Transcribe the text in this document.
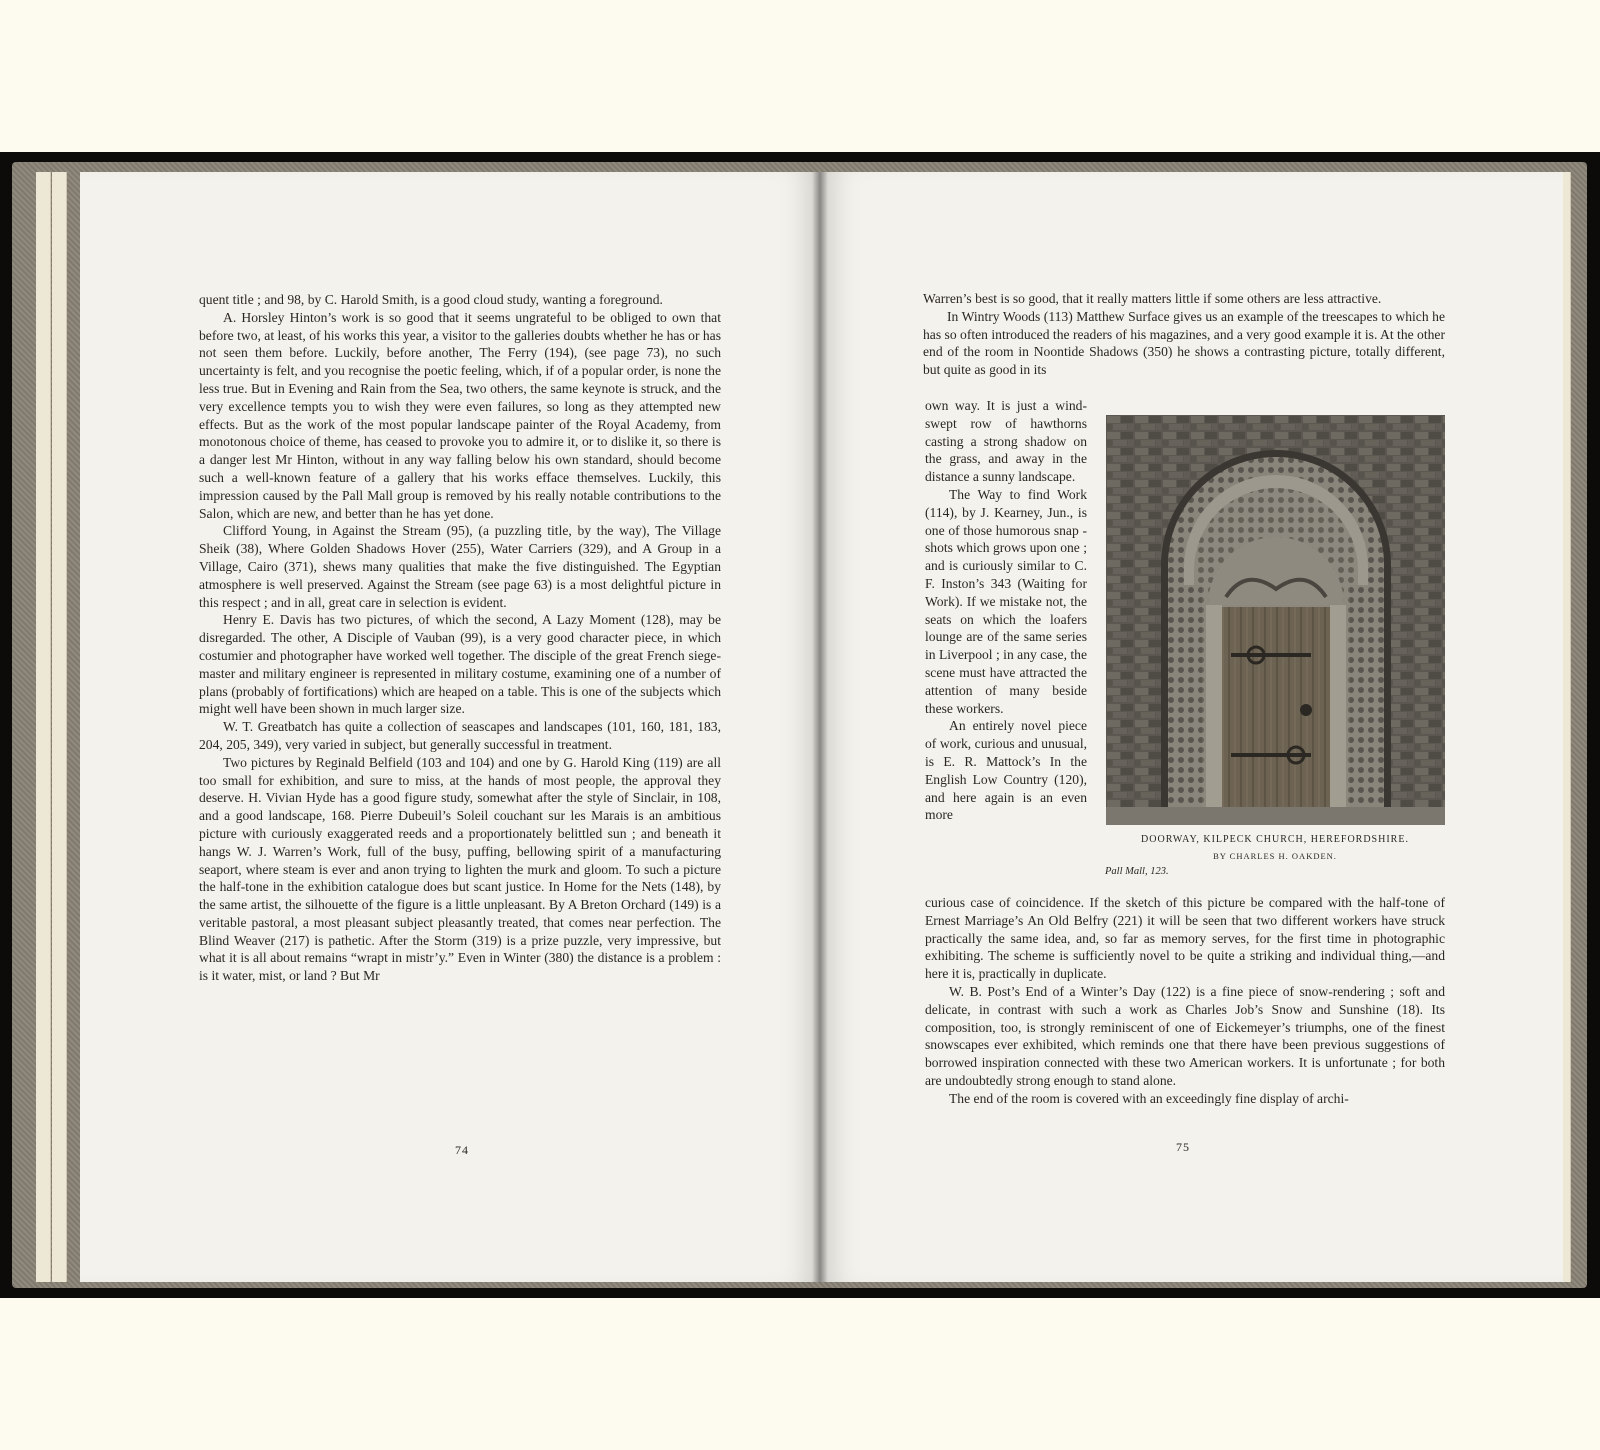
quent title ; and 98, by C. Harold Smith, is a good cloud study, wanting a foreground.

A. Horsley Hinton’s work is so good that it seems ungrateful to be obliged to own that before two, at least, of his works this year, a visitor to the galleries doubts whether he has or has not seen them before. Luckily, before another, The Ferry (194), (see page 73), no such uncertainty is felt, and you recognise the poetic feeling, which, if of a popular order, is none the less true. But in Evening and Rain from the Sea, two others, the same keynote is struck, and the very excellence tempts you to wish they were even failures, so long as they attempted new effects. But as the work of the most popular landscape painter of the Royal Academy, from monotonous choice of theme, has ceased to provoke you to admire it, or to dislike it, so there is a danger lest Mr Hinton, without in any way falling below his own standard, should become such a well-known feature of a gallery that his works efface themselves. Luckily, this impression caused by the Pall Mall group is removed by his really notable contributions to the Salon, which are new, and better than he has yet done.

Clifford Young, in Against the Stream (95), (a puzzling title, by the way), The Village Sheik (38), Where Golden Shadows Hover (255), Water Carriers (329), and A Group in a Village, Cairo (371), shews many qualities that make the five distinguished. The Egyptian atmosphere is well preserved. Against the Stream (see page 63) is a most delightful picture in this respect ; and in all, great care in selection is evident.

Henry E. Davis has two pictures, of which the second, A Lazy Moment (128), may be disregarded. The other, A Disciple of Vauban (99), is a very good character piece, in which costumier and photographer have worked well together. The disciple of the great French siege-master and military engineer is represented in military costume, examining one of a number of plans (probably of fortifications) which are heaped on a table. This is one of the subjects which might well have been shown in much larger size.

W. T. Greatbatch has quite a collection of seascapes and landscapes (101, 160, 181, 183, 204, 205, 349), very varied in subject, but generally successful in treatment.

Two pictures by Reginald Belfield (103 and 104) and one by G. Harold King (119) are all too small for exhibition, and sure to miss, at the hands of most people, the approval they deserve. H. Vivian Hyde has a good figure study, somewhat after the style of Sinclair, in 108, and a good landscape, 168. Pierre Dubeuil’s Soleil couchant sur les Marais is an ambitious picture with curiously exaggerated reeds and a proportionately belittled sun ; and beneath it hangs W. J. Warren’s Work, full of the busy, puffing, bellowing spirit of a manufacturing seaport, where steam is ever and anon trying to lighten the murk and gloom. To such a picture the half-tone in the exhibition catalogue does but scant justice. In Home for the Nets (148), by the same artist, the silhouette of the figure is a little unpleasant. By A Breton Orchard (149) is a veritable pastoral, a most pleasant subject pleasantly treated, that comes near perfection. The Blind Weaver (217) is pathetic. After the Storm (319) is a prize puzzle, very impressive, but what it is all about remains “wrapt in mistr’y.” Even in Winter (380) the distance is a problem : is it water, mist, or land ? But Mr

74

Warren’s best is so good, that it really matters little if some others are less attractive.

In Wintry Woods (113) Matthew Surface gives us an example of the treescapes to which he has so often introduced the readers of his magazines, and a very good example it is. At the other end of the room in Noontide Shadows (350) he shows a contrasting picture, totally different, but quite as good in its

own way. It is just a wind-swept row of hawthorns casting a strong shadow on the grass, and away in the distance a sunny landscape.

The Way to find Work (114), by J. Kearney, Jun., is one of those humorous snap - shots which grows upon one ; and is curiously similar to C. F. Inston’s 343 (Waiting for Work). If we mistake not, the seats on which the loafers lounge are of the same series in Liverpool ; in any case, the scene must have attracted the attention of many beside these workers.

An entirely novel piece of work, curious and unusual, is E. R. Mattock’s In the English Low Country (120), and here again is an even more

DOORWAY, KILPECK CHURCH, HEREFORDSHIRE.
BY CHARLES H. OAKDEN.
Pall Mall, 123.

curious case of coincidence. If the sketch of this picture be compared with the half-tone of Ernest Marriage’s An Old Belfry (221) it will be seen that two different workers have struck practically the same idea, and, so far as memory serves, for the first time in photographic exhibiting. The scheme is sufficiently novel to be quite a striking and individual thing,—and here it is, practically in duplicate.

W. B. Post’s End of a Winter’s Day (122) is a fine piece of snow-rendering ; soft and delicate, in contrast with such a work as Charles Job’s Snow and Sunshine (18). Its composition, too, is strongly reminiscent of one of Eickemeyer’s triumphs, one of the finest snowscapes ever exhibited, which reminds one that there have been previous suggestions of borrowed inspiration connected with these two American workers. It is unfortunate ; for both are undoubtedly strong enough to stand alone.

The end of the room is covered with an exceedingly fine display of archi-

75
